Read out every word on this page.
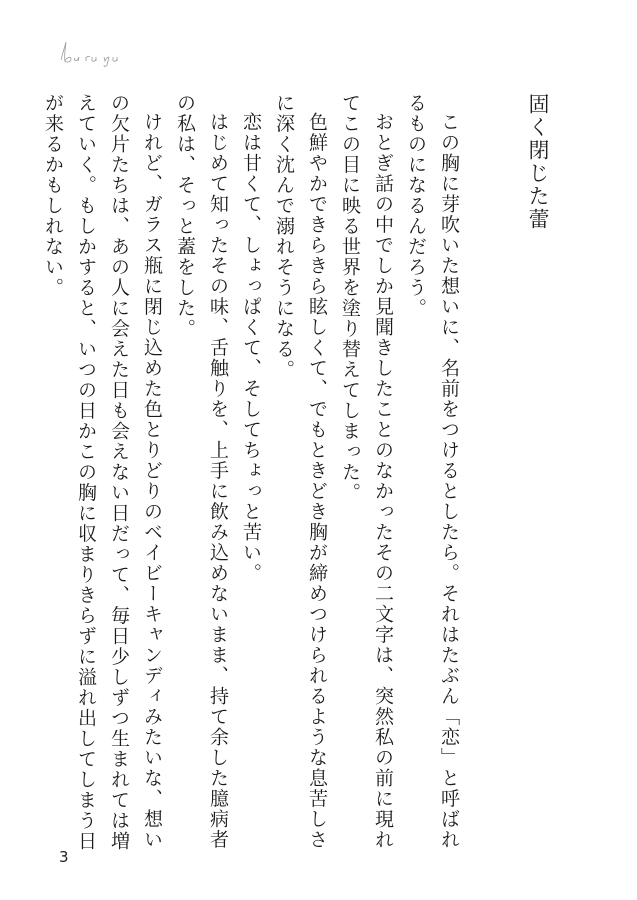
固く閉じた蕾

この胸に芽吹いた想いに、名前をつけるとしたら。それはたぶん「恋」と呼ばれるものになるんだろう。

おとぎ話の中でしか見聞きしたことのなかったその二文字は、突然私の前に現れてこの目に映る世界を塗り替えてしまった。

色鮮やかできらきら眩しくて、でもときどき胸が締めつけられるような息苦しさに深く沈んで溺れそうになる。

恋は甘くて、しょっぱくて、そしてちょっと苦い。

はじめて知ったその味、舌触りを、上手に飲み込めないまま、持て余した臆病者の私は、そっと蓋をした。

けれど、ガラス瓶に閉じ込めた色とりどりのベイビーキャンディみたいな、想いの欠片たちは、あの人に会えた日も会えない日だって、毎日少しずつ生まれては増えていく。もしかすると、いつの日かこの胸に収まりきらずに溢れ出してしまう日が来るかもしれない。

3
